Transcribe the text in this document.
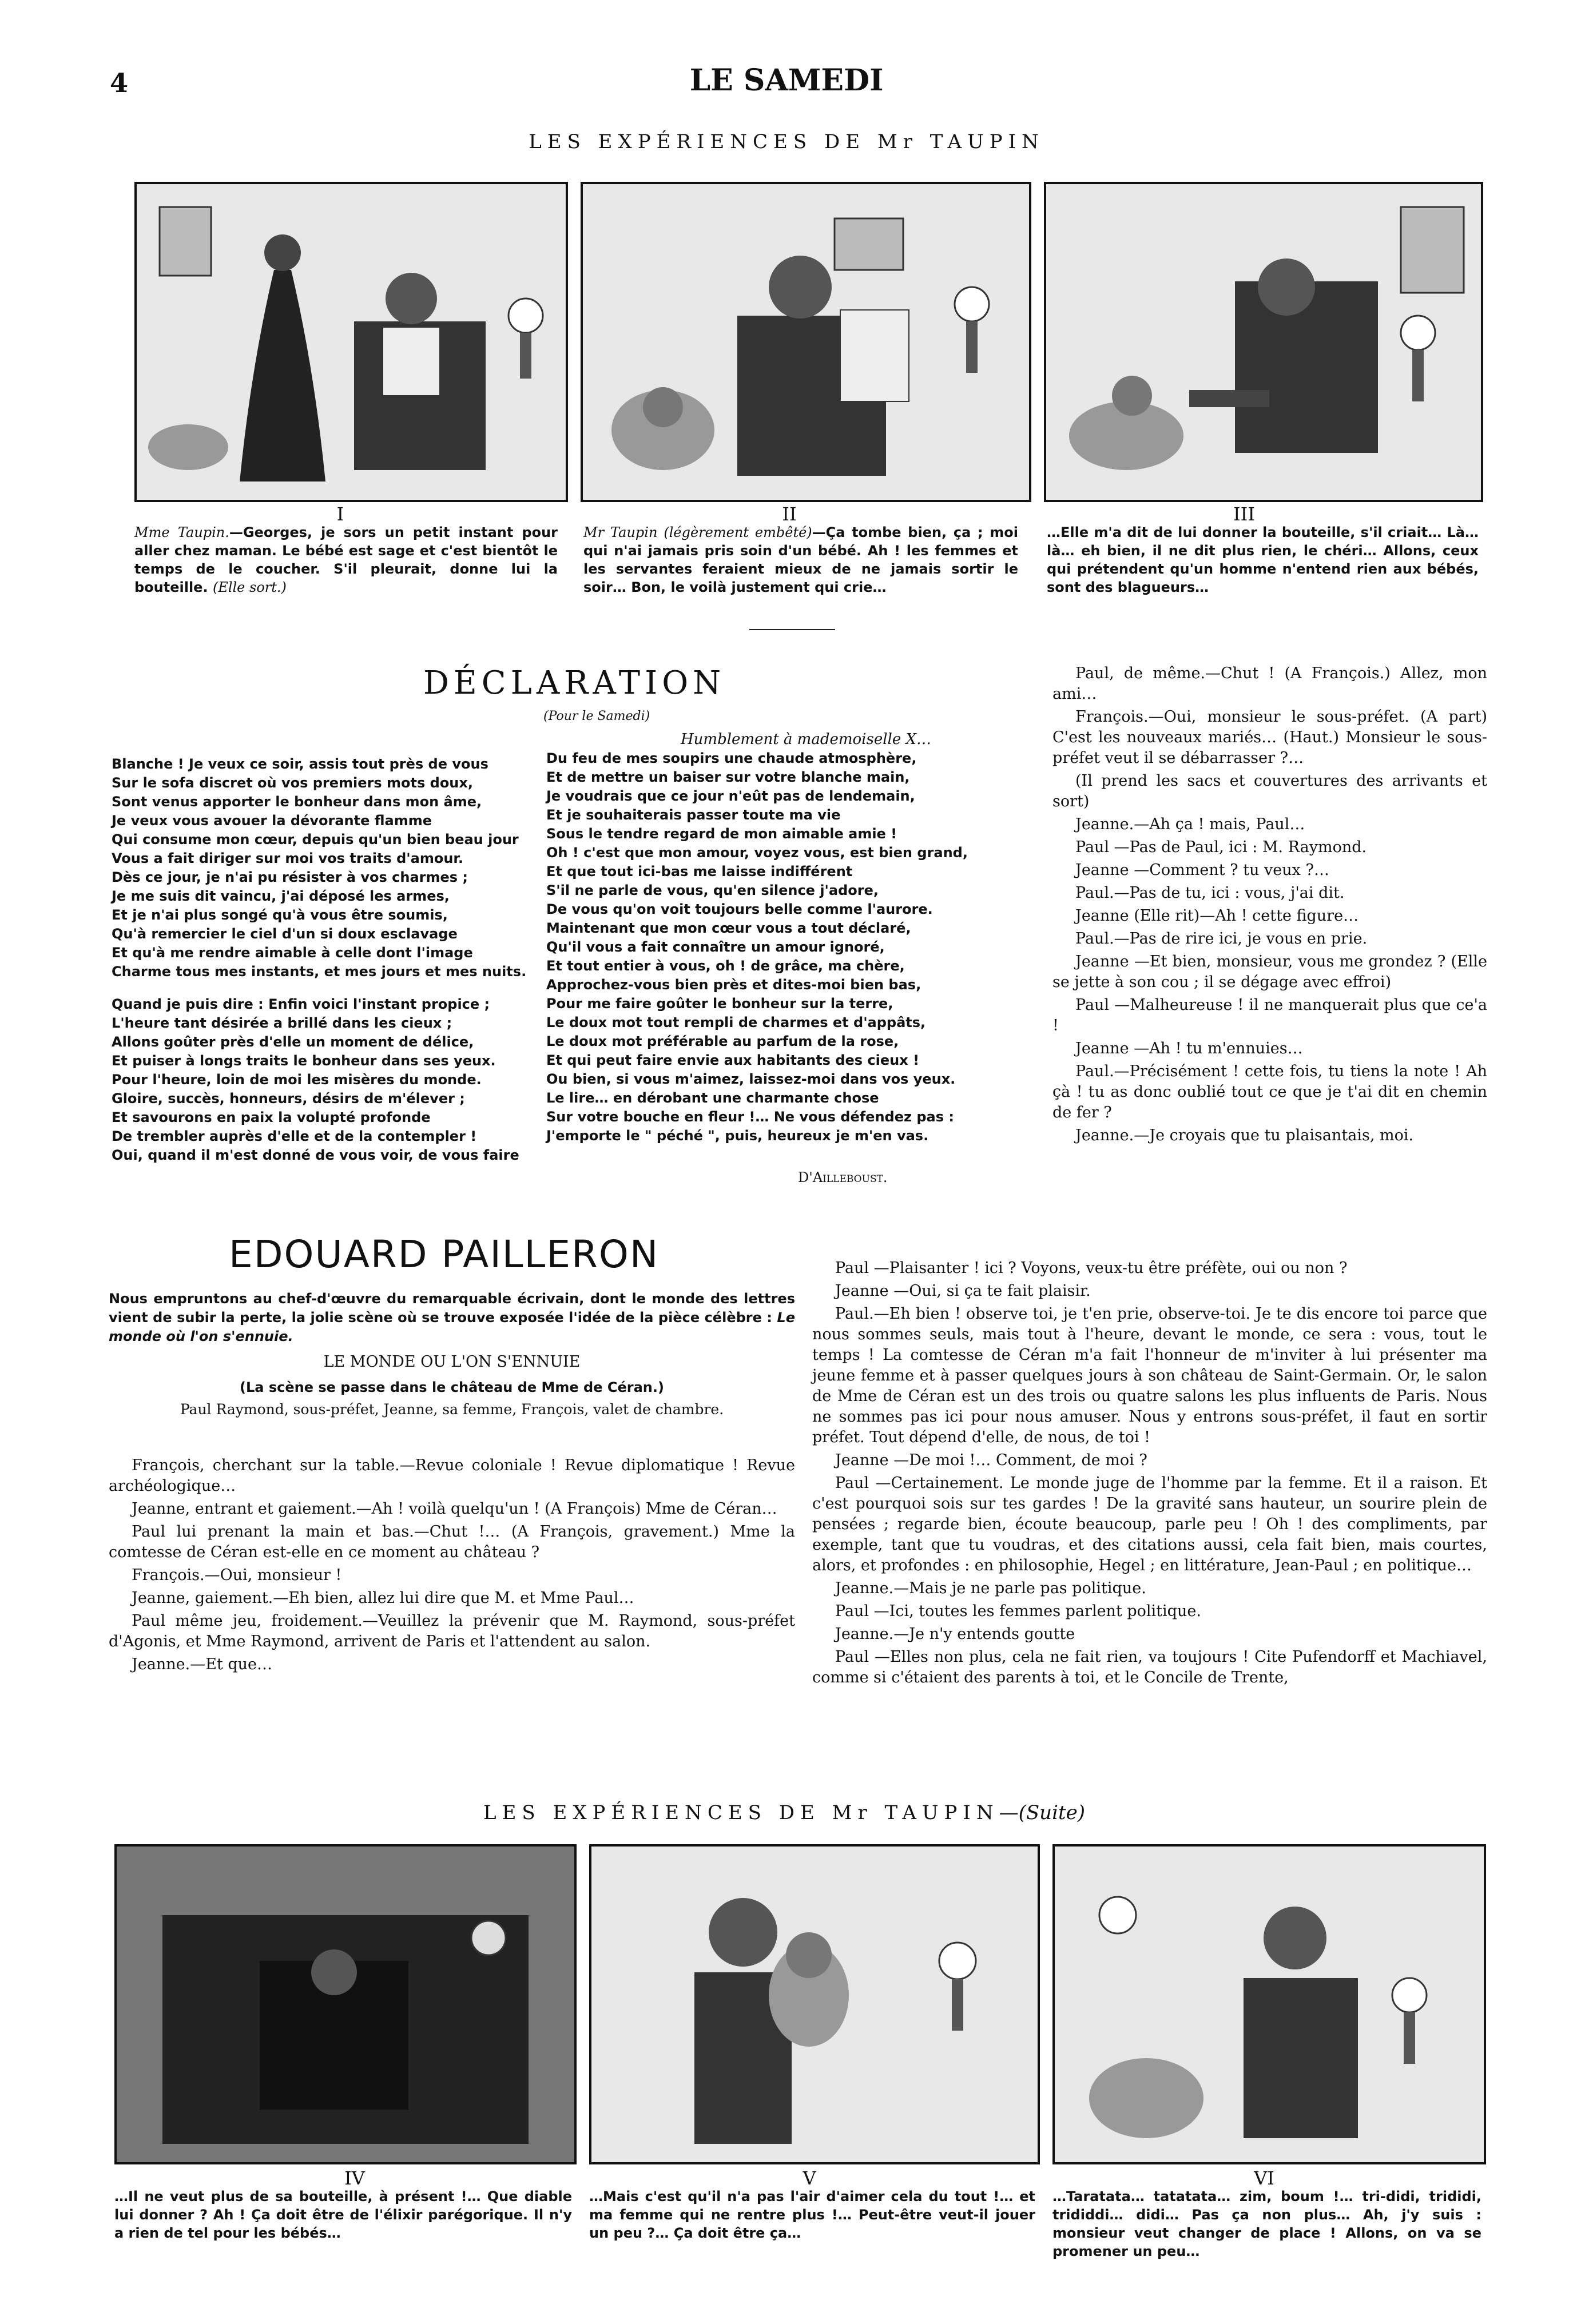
4	LE SAMEDI
LES EXPÉRIENCES DE Mr TAUPIN
I	II	III
Mme Taupin.—Georges, je sors un petit instant pour aller chez maman. Le bébé est sage et c'est bientôt le temps de le coucher. S'il pleurait, donne lui la bouteille. (Elle sort.)
Mr Taupin (légèrement embêté)—Ça tombe bien, ça ; moi qui n'ai jamais pris soin d'un bébé. Ah ! les femmes et les servantes feraient mieux de ne jamais sortir le soir… Bon, le voilà justement qui crie…
…Elle m'a dit de lui donner la bouteille, s'il criait… Là… là… eh bien, il ne dit plus rien, le chéri… Allons, ceux qui prétendent qu'un homme n'entend rien aux bébés, sont des blagueurs…
DÉCLARATION
(Pour le Samedi)
Humblement à mademoiselle X…
Blanche ! Je veux ce soir, assis tout près de vous
Sur le sofa discret où vos premiers mots doux,
Sont venus apporter le bonheur dans mon âme,
Je veux vous avouer la dévorante flamme
Qui consume mon cœur, depuis qu'un bien beau jour
Vous a fait diriger sur moi vos traits d'amour.
Dès ce jour, je n'ai pu résister à vos charmes ;
Je me suis dit vaincu, j'ai déposé les armes,
Et je n'ai plus songé qu'à vous être soumis,
Qu'à remercier le ciel d'un si doux esclavage
Et qu'à me rendre aimable à celle dont l'image
Charme tous mes instants, et mes jours et mes nuits.
Quand je puis dire : Enfin voici l'instant propice ;
L'heure tant désirée a brillé dans les cieux ;
Allons goûter près d'elle un moment de délice,
Et puiser à longs traits le bonheur dans ses yeux.
Pour l'heure, loin de moi les misères du monde.
Gloire, succès, honneurs, désirs de m'élever ;
Et savourons en paix la volupté profonde
De trembler auprès d'elle et de la contempler !
Oui, quand il m'est donné de vous voir, de vous faire
Du feu de mes soupirs une chaude atmosphère,
Et de mettre un baiser sur votre blanche main,
Je voudrais que ce jour n'eût pas de lendemain,
Et je souhaiterais passer toute ma vie
Sous le tendre regard de mon aimable amie !
Oh ! c'est que mon amour, voyez vous, est bien grand,
Et que tout ici-bas me laisse indifférent
S'il ne parle de vous, qu'en silence j'adore,
De vous qu'on voit toujours belle comme l'aurore.
Maintenant que mon cœur vous a tout déclaré,
Qu'il vous a fait connaître un amour ignoré,
Et tout entier à vous, oh ! de grâce, ma chère,
Approchez-vous bien près et dites-moi bien bas,
Pour me faire goûter le bonheur sur la terre,
Le doux mot tout rempli de charmes et d'appâts,
Le doux mot préférable au parfum de la rose,
Et qui peut faire envie aux habitants des cieux !
Ou bien, si vous m'aimez, laissez-moi dans vos yeux.
Le lire… en dérobant une charmante chose
Sur votre bouche en fleur !… Ne vous défendez pas :
J'emporte le " péché ", puis, heureux je m'en vas.
D'Aillebousт.
EDOUARD PAILLERON

Nous empruntons au chef-d'œuvre du remarquable écrivain, dont le monde des lettres vient de subir la perte, la jolie scène où se trouve exposée l'idée de la pièce célèbre : Le monde où l'on s'ennuie.

LE MONDE OU L'ON S'ENNUIE

(La scène se passe dans le château de Mme de Céran.)

Paul Raymond, sous-préfet, Jeanne, sa femme, François, valet de chambre.

François, cherchant sur la table.—Revue coloniale ! Revue diplomatique ! Revue archéologique…

Jeanne, entrant et gaiement.—Ah ! voilà quelqu'un ! (A François) Mme de Céran…

Paul lui prenant la main et bas.—Chut !… (A François, gravement.) Mme la comtesse de Céran est-elle en ce moment au château ?

François.—Oui, monsieur !

Jeanne, gaiement.—Eh bien, allez lui dire que M. et Mme Paul…

Paul même jeu, froidement.—Veuillez la prévenir que M. Raymond, sous-préfet d'Agonis, et Mme Raymond, arrivent de Paris et l'attendent au salon.

Jeanne.—Et que…

Paul —Plaisanter ! ici ? Voyons, veux-tu être préfète, oui ou non ?

Jeanne —Oui, si ça te fait plaisir.

Paul.—Eh bien ! observe toi, je t'en prie, observe-toi. Je te dis encore toi parce que nous sommes seuls, mais tout à l'heure, devant le monde, ce sera : vous, tout le temps ! La comtesse de Céran m'a fait l'honneur de m'inviter à lui présenter ma jeune femme et à passer quelques jours à son château de Saint-Germain. Or, le salon de Mme de Céran est un des trois ou quatre salons les plus influents de Paris. Nous ne sommes pas ici pour nous amuser. Nous y entrons sous-préfet, il faut en sortir préfet. Tout dépend d'elle, de nous, de toi !

Jeanne —De moi !… Comment, de moi ?

Paul —Certainement. Le monde juge de l'homme par la femme. Et il a raison. Et c'est pourquoi sois sur tes gardes ! De la gravité sans hauteur, un sourire plein de pensées ; regarde bien, écoute beaucoup, parle peu ! Oh ! des compliments, par exemple, tant que tu voudras, et des citations aussi, cela fait bien, mais courtes, alors, et profondes : en philosophie, Hegel ; en littérature, Jean-Paul ; en politique…

Jeanne.—Mais je ne parle pas politique.

Paul —Ici, toutes les femmes parlent politique.

Jeanne.—Je n'y entends goutte

Paul —Elles non plus, cela ne fait rien, va toujours ! Cite Pufendorff et Machiavel, comme si c'étaient des parents à toi, et le Concile de Trente,

Paul, de même.—Chut ! (A François.) Allez, mon ami…

François.—Oui, monsieur le sous-préfet. (A part) C'est les nouveaux mariés… (Haut.) Monsieur le sous-préfet veut il se débarrasser ?…

(Il prend les sacs et couvertures des arrivants et sort)

Jeanne.—Ah ça ! mais, Paul…

Paul —Pas de Paul, ici : M. Raymond.

Jeanne —Comment ? tu veux ?…

Paul.—Pas de tu, ici : vous, j'ai dit.

Jeanne (Elle rit)—Ah ! cette figure…

Paul.—Pas de rire ici, je vous en prie.

Jeanne —Et bien, monsieur, vous me grondez ? (Elle se jette à son cou ; il se dégage avec effroi)

Paul —Malheureuse ! il ne manquerait plus que ce'a !

Jeanne —Ah ! tu m'ennuies…

Paul.—Précisément ! cette fois, tu tiens la note ! Ah çà ! tu as donc oublié tout ce que je t'ai dit en chemin de fer ?

Jeanne.—Je croyais que tu plaisantais, moi.

LES EXPÉRIENCES DE Mr TAUPIN—(Suite)
IV	V	VI
…Il ne veut plus de sa bouteille, à présent !… Que diable lui donner ? Ah ! Ça doit être de l'élixir parégorique. Il n'y a rien de tel pour les bébés…
…Mais c'est qu'il n'a pas l'air d'aimer cela du tout !… et ma femme qui ne rentre plus !… Peut-être veut-il jouer un peu ?… Ça doit être ça…
…Taratata… tatatata… zim, boum !… tri-didi, trididi, trididdi… didi… Pas ça non plus… Ah, j'y suis : monsieur veut changer de place ! Allons, on va se promener un peu…
